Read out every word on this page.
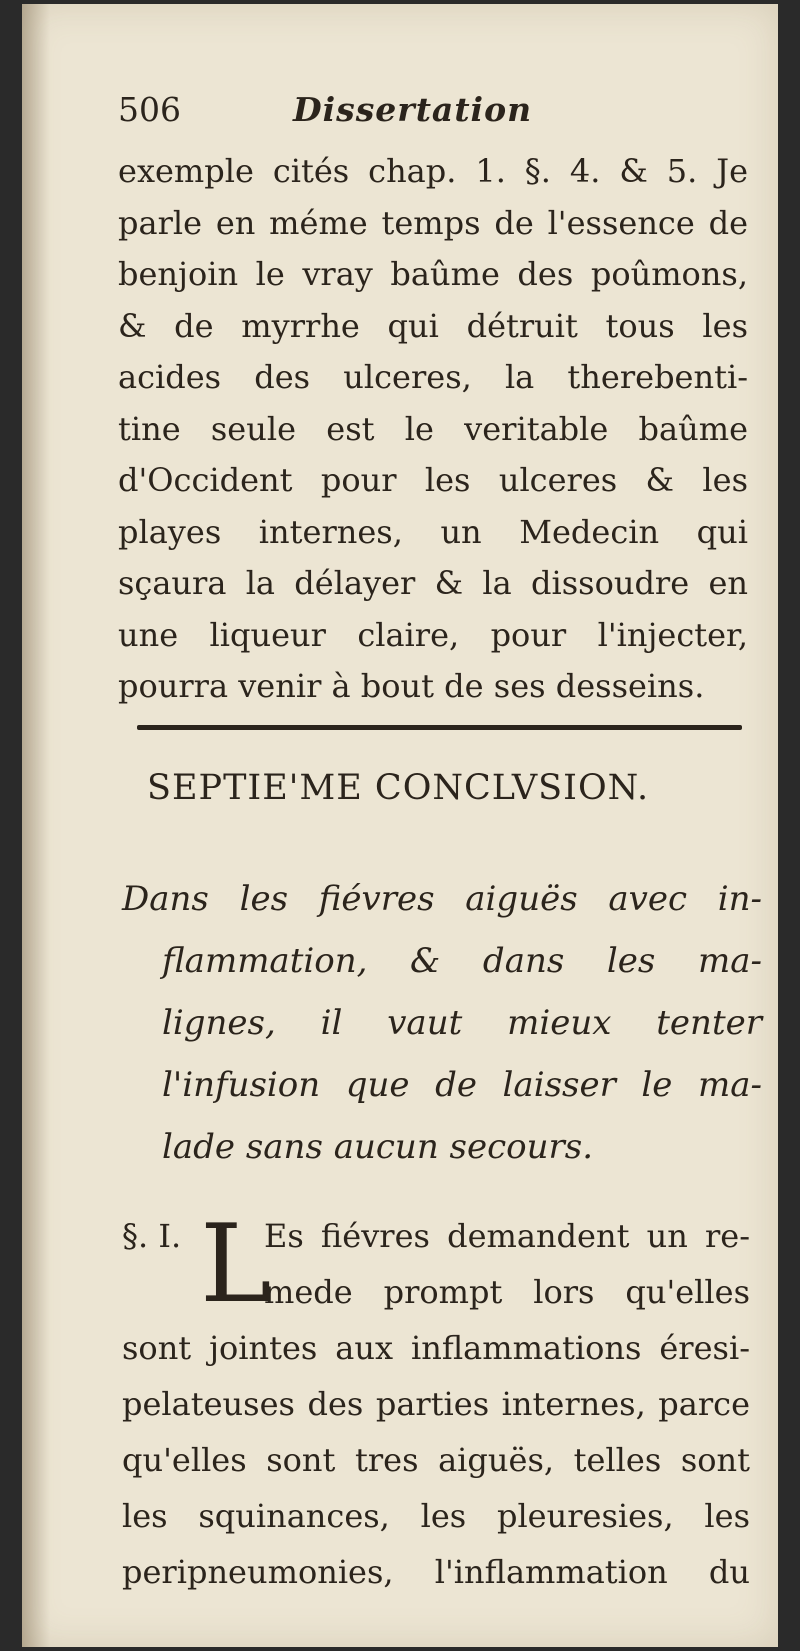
506	Dissertation
exemple cités chap. 1. §. 4. & 5. Je
parle en méme temps de l'essence de
benjoin le vray baûme des poûmons,
& de myrrhe qui détruit tous les
acides des ulceres, la therebenti-
tine seule est le veritable baûme
d'Occident pour les ulceres & les
playes internes, un Medecin qui
sçaura la délayer & la dissoudre en
une liqueur claire, pour l'injecter,
pourra venir à bout de ses desseins.
SEPTIE'ME CONCLVSION.
Dans les fiévres aiguës avec in-
flammation, & dans les ma-
lignes, il vaut mieux tenter
l'infusion que de laisser le ma-
lade sans aucun secours.
§. I. L
Es fiévres demandent un re-
mede prompt lors qu'elles
sont jointes aux inflammations éresi-
pelateuses des parties internes, parce
qu'elles sont tres aiguës, telles sont
les squinances, les pleuresies, les
peripneumonies, l'inflammation du
